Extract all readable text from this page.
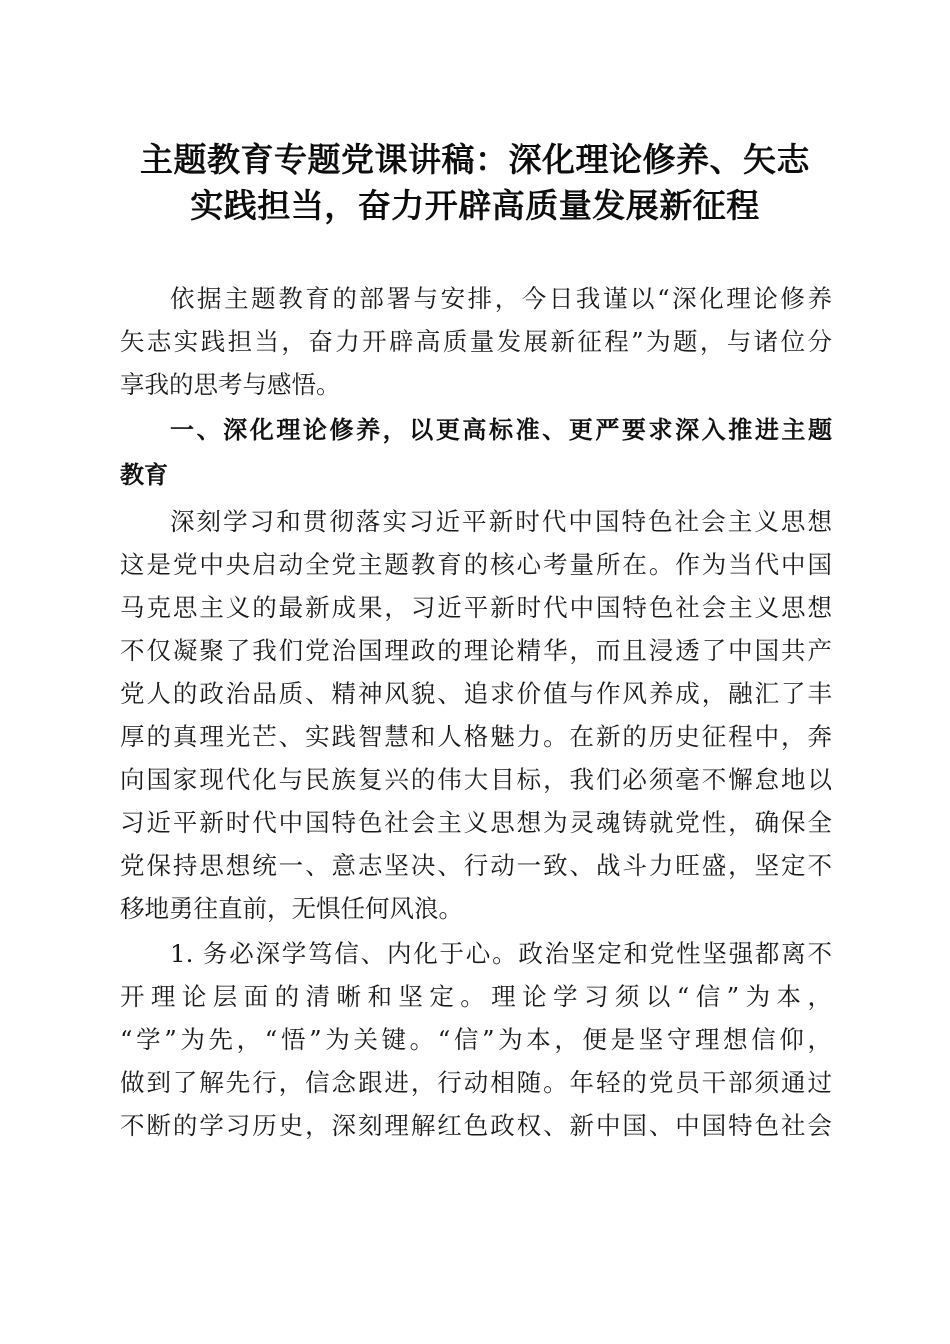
主题教育专题党课讲稿：深化理论修养、矢志
实践担当，奋力开辟高质量发展新征程
依据主题教育的部署与安排，今日我谨以“深化理论修养
矢志实践担当，奋力开辟高质量发展新征程”为题，与诸位分
享我的思考与感悟。
一、深化理论修养，以更高标准、更严要求深入推进主题
教育
深刻学习和贯彻落实习近平新时代中国特色社会主义思想
这是党中央启动全党主题教育的核心考量所在。作为当代中国
马克思主义的最新成果，习近平新时代中国特色社会主义思想
不仅凝聚了我们党治国理政的理论精华，而且浸透了中国共产
党人的政治品质、精神风貌、追求价值与作风养成，融汇了丰
厚的真理光芒、实践智慧和人格魅力。在新的历史征程中，奔
向国家现代化与民族复兴的伟大目标，我们必须毫不懈怠地以
习近平新时代中国特色社会主义思想为灵魂铸就党性，确保全
党保持思想统一、意志坚决、行动一致、战斗力旺盛，坚定不
移地勇往直前，无惧任何风浪。
1. 务必深学笃信、内化于心。政治坚定和党性坚强都离不
开理论层面的清晰和坚定。理论学习须以“信”为本，
“学”为先，“悟”为关键。“信”为本，便是坚守理想信仰，
做到了解先行，信念跟进，行动相随。年轻的党员干部须通过
不断的学习历史，深刻理解红色政权、新中国、中国特色社会
